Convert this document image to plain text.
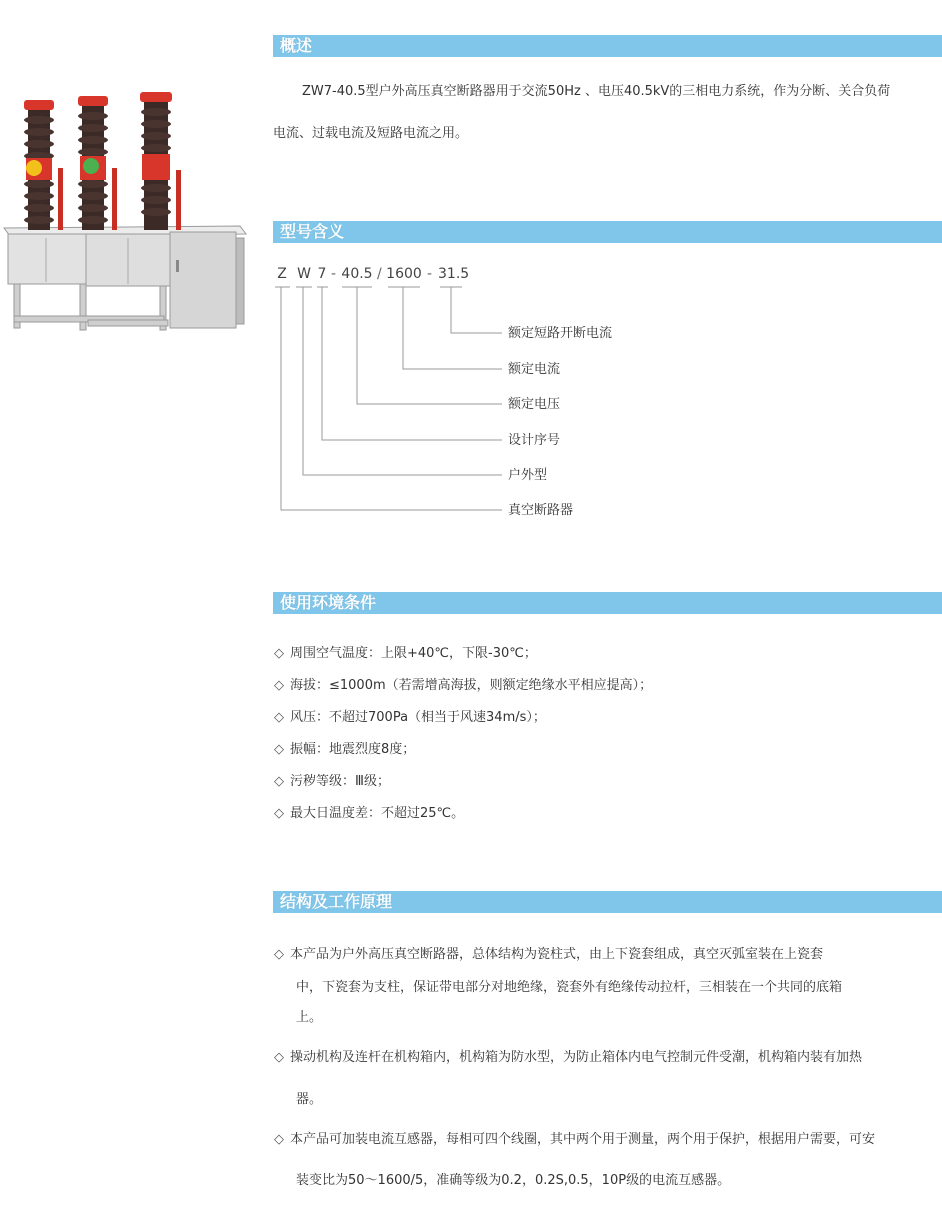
概述
ZW7-40.5型户外高压真空断路器用于交流50Hz 、电压40.5kV的三相电力系统，作为分断、关合负荷
电流、过载电流及短路电流之用。
型号含义
Z W 7 - 40.5 / 1600 - 31.5
额定短路开断电流
额定电流
额定电压
设计序号
户外型
真空断路器
使用环境条件
◇ 周围空气温度：上限+40℃，下限-30℃；
◇ 海拔：≤1000m（若需增高海拔，则额定绝缘水平相应提高）；
◇ 风压：不超过700Pa（相当于风速34m/s）；
◇ 振幅：地震烈度8度；
◇ 污秽等级：Ⅲ级；
◇ 最大日温度差：不超过25℃。
结构及工作原理
◇ 本产品为户外高压真空断路器，总体结构为瓷柱式，由上下瓷套组成，真空灭弧室装在上瓷套
中，下瓷套为支柱，保证带电部分对地绝缘，瓷套外有绝缘传动拉杆，三相装在一个共同的底箱
上。
◇ 操动机构及连杆在机构箱内，机构箱为防水型，为防止箱体内电气控制元件受潮，机构箱内装有加热
器。
◇ 本产品可加装电流互感器，每相可四个线圈，其中两个用于测量，两个用于保护，根据用户需要，可安
装变比为50～1600/5，准确等级为0.2，0.2S,0.5，10P级的电流互感器。
